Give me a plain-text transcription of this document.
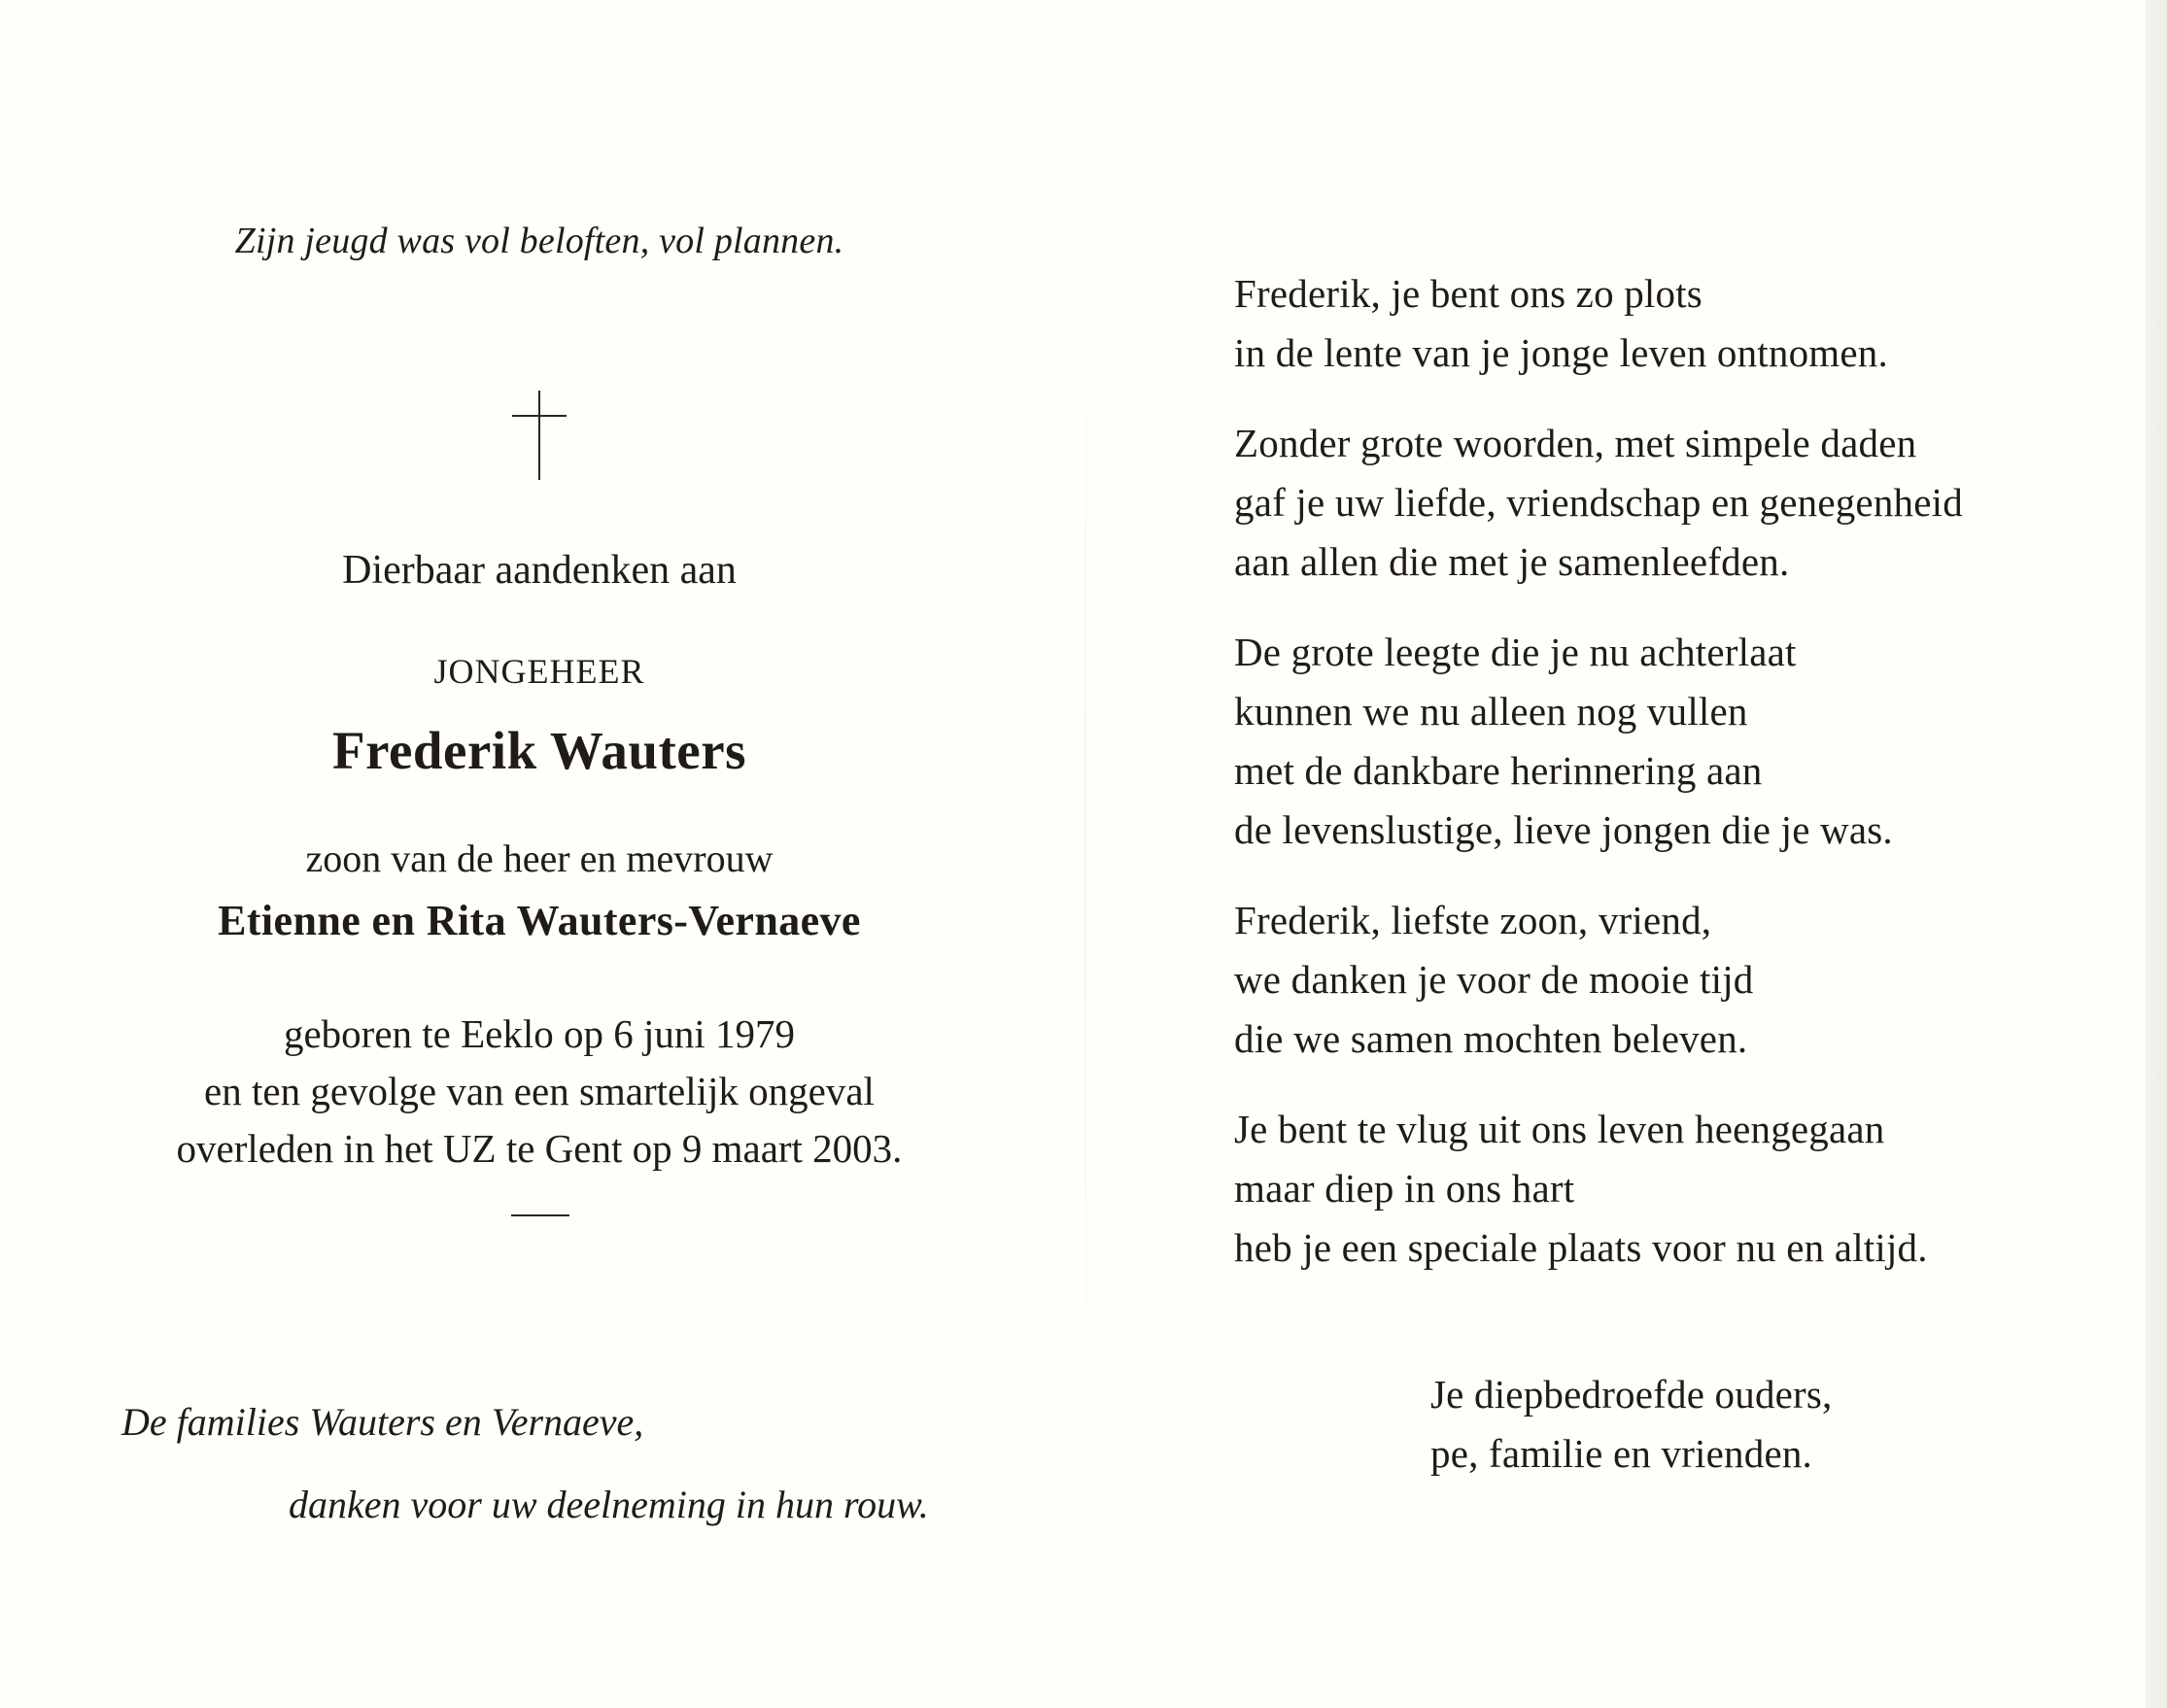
Zijn jeugd was vol beloften, vol plannen.
Dierbaar aandenken aan
JONGEHEER
Frederik Wauters
zoon van de heer en mevrouw
Etienne en Rita Wauters-Vernaeve
geboren te Eeklo op 6 juni 1979
en ten gevolge van een smartelijk ongeval
overleden in het UZ te Gent op 9 maart 2003.
De families Wauters en Vernaeve,
danken voor uw deelneming in hun rouw.
Frederik, je bent ons zo plots
in de lente van je jonge leven ontnomen.
Zonder grote woorden, met simpele daden
gaf je uw liefde, vriendschap en genegenheid
aan allen die met je samenleefden.
De grote leegte die je nu achterlaat
kunnen we nu alleen nog vullen
met de dankbare herinnering aan
de levenslustige, lieve jongen die je was.
Frederik, liefste zoon, vriend,
we danken je voor de mooie tijd
die we samen mochten beleven.
Je bent te vlug uit ons leven heengegaan
maar diep in ons hart
heb je een speciale plaats voor nu en altijd.
Je diepbedroefde ouders,
pe, familie en vrienden.
